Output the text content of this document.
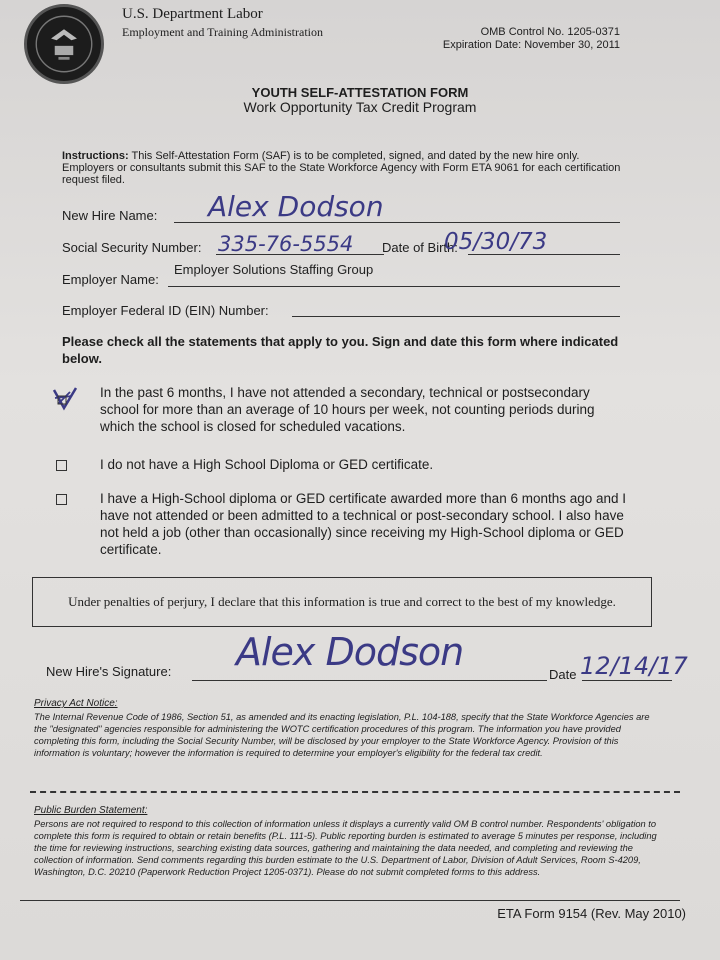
U.S. Department Labor
Employment and Training Administration	OMB Control No. 1205-0371
Expiration Date: November 30, 2011
YOUTH SELF-ATTESTATION FORM
Work Opportunity Tax Credit Program
Instructions: This Self-Attestation Form (SAF) is to be completed, signed, and dated by the new hire only. Employers or consultants submit this SAF to the State Workforce Agency with Form ETA 9061 for each certification request filed.
New Hire Name: Alex Dodson
Social Security Number: 335-76-5554 Date of Birth:
05/30/73
Employer Name:
Employer Solutions Staffing Group
Employer Federal ID (EIN) Number:
Please check all the statements that apply to you. Sign and date this form where indicated below.
In the past 6 months, I have not attended a secondary, technical or postsecondary school for more than an average of 10 hours per week, not counting periods during which the school is closed for scheduled vacations.
I do not have a High School Diploma or GED certificate.
I have a High-School diploma or GED certificate awarded more than 6 months ago and I have not attended or been admitted to a technical or post-secondary school. I also have not held a job (other than occasionally) since receiving my High-School diploma or GED certificate.
Under penalties of perjury, I declare that this information is true and correct to the best of my knowledge.
New Hire's Signature: Alex Dodson
Date 12/14/17
Privacy Act Notice:
The Internal Revenue Code of 1986, Section 51, as amended and its enacting legislation, P.L. 104-188, specify that the State Workforce Agencies are the "designated" agencies responsible for administering the WOTC certification procedures of this program. The information you have provided completing this form, including the Social Security Number, will be disclosed by your employer to the State Workforce Agency. Provision of this information is voluntary; however the information is required to determine your employer's eligibility for the federal tax credit.
Public Burden Statement:
Persons are not required to respond to this collection of information unless it displays a currently valid OM B control number. Respondents' obligation to complete this form is required to obtain or retain benefits (P.L. 111-5). Public reporting burden is estimated to average 5 minutes per response, including the time for reviewing instructions, searching existing data sources, gathering and maintaining the data needed, and completing and reviewing the collection of information. Send comments regarding this burden estimate to the U.S. Department of Labor, Division of Adult Services, Room S-4209, Washington, D.C. 20210 (Paperwork Reduction Project 1205-0371). Please do not submit completed forms to this address.
ETA Form 9154 (Rev. May 2010)
